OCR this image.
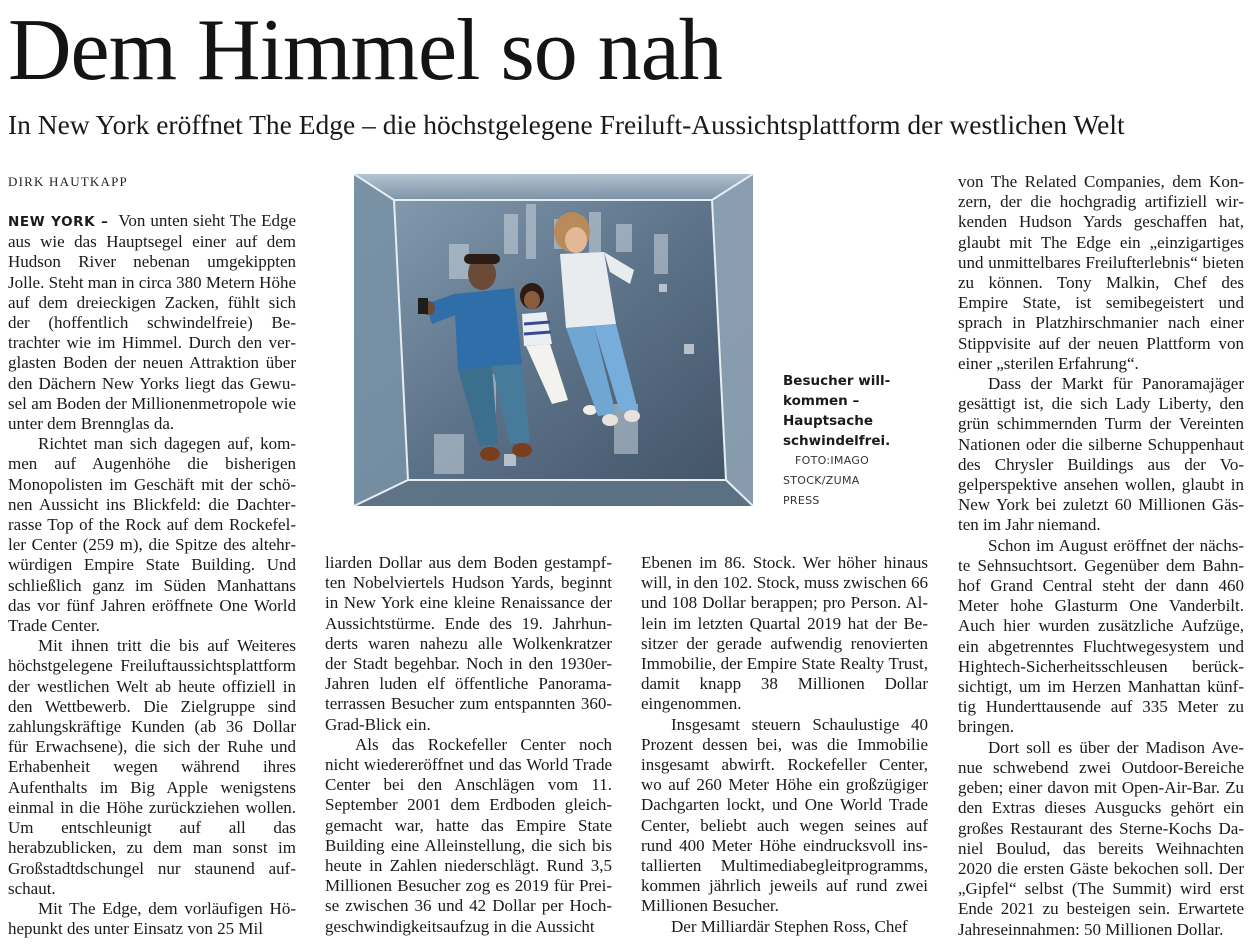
Dem Himmel so nah
In New York eröffnet The Edge – die höchstgelegene Freiluft-Aussichtsplattform der westlichen Welt
DIRK HAUTKAPP

NEW YORK – Von unten sieht The Edge aus wie das Hauptsegel einer auf dem Hudson River nebenan umgekippten Jolle. Steht man in circa 380 Metern Höhe auf dem dreieckigen Zacken, fühlt sich der (hoffentlich schwindelfreie) Betrachter wie im Himmel. Durch den verglasten Boden der neuen Attraktion über den Dächern New Yorks liegt das Gewusel am Boden der Millionenmetropole wie unter dem Brennglas da.

Richtet man sich dagegen auf, kommen auf Augenhöhe die bisherigen Monopolisten im Geschäft mit der schönen Aussicht ins Blickfeld: die Dachterrasse Top of the Rock auf dem Rockefeller Center (259 m), die Spitze des altehrwürdigen Empire State Building. Und schließlich ganz im Süden Manhattans das vor fünf Jahren eröffnete One World Trade Center.

Mit ihnen tritt die bis auf Weiteres höchstgelegene Freiluftaussichtsplattform der westlichen Welt ab heute offiziell in den Wettbewerb. Die Zielgruppe sind zahlungskräftige Kunden (ab 36 Dollar für Erwachsene), die sich der Ruhe und Erhabenheit wegen während ihres Aufenthalts im Big Apple wenigstens einmal in die Höhe zurückziehen wollen. Um entschleunigt auf all das herabzublicken, zu dem man sonst im Großstadtdschungel nur staunend aufschaut.

Mit The Edge, dem vorläufigen Höhepunkt des unter Einsatz von 25 Mil

Besucher willkommen – Hauptsache schwindelfrei.
FOTO:IMAGO
STOCK/ZUMA
PRESS

liarden Dollar aus dem Boden gestampften Nobelviertels Hudson Yards, beginnt in New York eine kleine Renaissance der Aussichtstürme. Ende des 19. Jahrhunderts waren nahezu alle Wolkenkratzer der Stadt begehbar. Noch in den 1930er-Jahren luden elf öffentliche Panoramaterrassen Besucher zum entspannten 360-Grad-Blick ein.

Als das Rockefeller Center noch nicht wiedereröffnet und das World Trade Center bei den Anschlägen vom 11. September 2001 dem Erdboden gleichgemacht war, hatte das Empire State Building eine Alleinstellung, die sich bis heute in Zahlen niederschlägt. Rund 3,5 Millionen Besucher zog es 2019 für Preise zwischen 36 und 42 Dollar per Hochgeschwindigkeitsaufzug in die Aussicht

Ebenen im 86. Stock. Wer höher hinaus will, in den 102. Stock, muss zwischen 66 und 108 Dollar berappen; pro Person. Allein im letzten Quartal 2019 hat der Besitzer der gerade aufwendig renovierten Immobilie, der Empire State Realty Trust, damit knapp 38 Millionen Dollar eingenommen.

Insgesamt steuern Schaulustige 40 Prozent dessen bei, was die Immobilie insgesamt abwirft. Rockefeller Center, wo auf 260 Meter Höhe ein großzügiger Dachgarten lockt, und One World Trade Center, beliebt auch wegen seines auf rund 400 Meter Höhe eindrucksvoll installierten Multimediabegleitprogramms, kommen jährlich jeweils auf rund zwei Millionen Besucher.

Der Milliardär Stephen Ross, Chef

von The Related Companies, dem Konzern, der die hochgradig artifiziell wirkenden Hudson Yards geschaffen hat, glaubt mit The Edge ein „einzigartiges und unmittelbares Freilufterlebnis“ bieten zu können. Tony Malkin, Chef des Empire State, ist semibegeistert und sprach in Platzhirschmanier nach einer Stippvisite auf der neuen Plattform von einer „sterilen Erfahrung“.

Dass der Markt für Panoramajäger gesättigt ist, die sich Lady Liberty, den grün schimmernden Turm der Vereinten Nationen oder die silberne Schuppenhaut des Chrysler Buildings aus der Vogelperspektive ansehen wollen, glaubt in New York bei zuletzt 60 Millionen Gästen im Jahr niemand.

Schon im August eröffnet der nächste Sehnsuchtsort. Gegenüber dem Bahnhof Grand Central steht der dann 460 Meter hohe Glasturm One Vanderbilt. Auch hier wurden zusätzliche Aufzüge, ein abgetrenntes Fluchtwegesystem und Hightech-Sicherheitsschleusen berücksichtigt, um im Herzen Manhattan künftig Hunderttausende auf 335 Meter zu bringen.

Dort soll es über der Madison Avenue schwebend zwei Outdoor-Bereiche geben; einer davon mit Open-Air-Bar. Zu den Extras dieses Ausgucks gehört ein großes Restaurant des Sterne-Kochs Daniel Boulud, das bereits Weihnachten 2020 die ersten Gäste bekochen soll. Der „Gipfel“ selbst (The Summit) wird erst Ende 2021 zu besteigen sein. Erwartete Jahreseinnahmen: 50 Millionen Dollar.
